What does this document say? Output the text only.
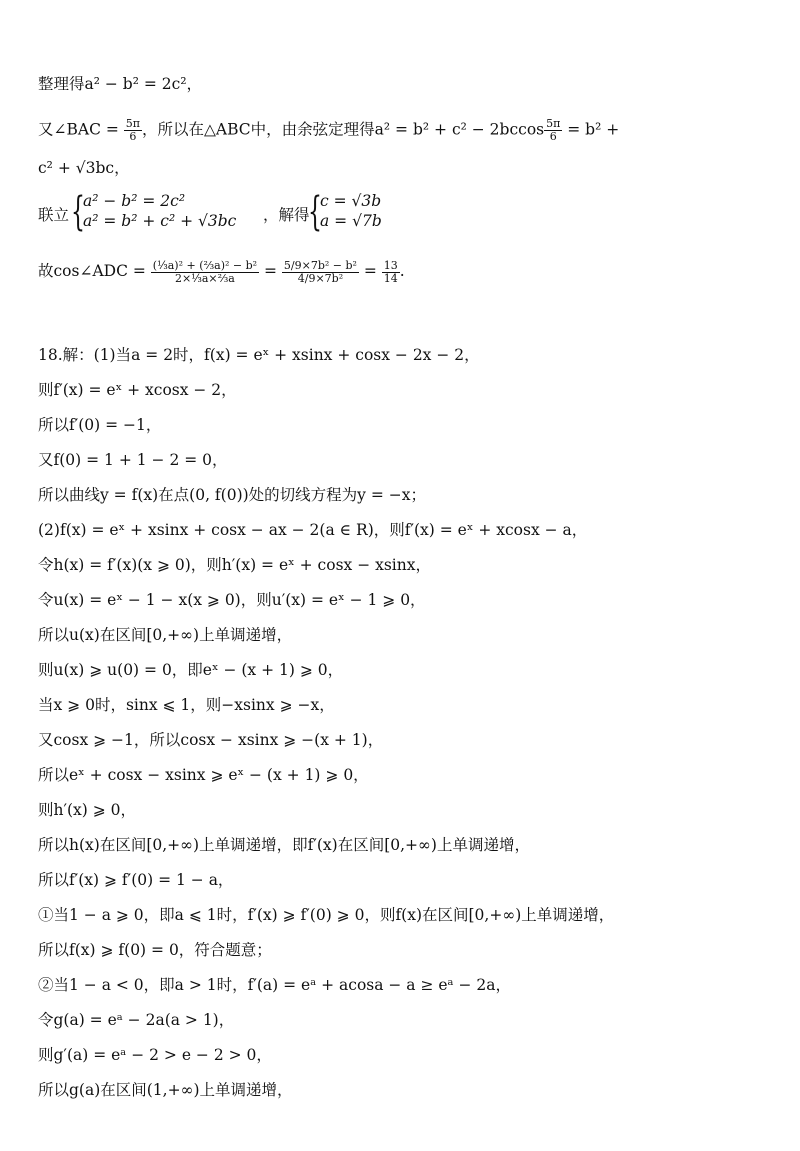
整理得a² − b² = 2c²，
又∠BAC = $\frac{5\pi}{6}$ ，所以在△ABC中，由余弦定理得$a^2 = b^2 + c^2 - 2bccos \frac{5\pi}{6} = b^2$ +
c² + √3bc，
联立 {
a² − b² = 2c²
a² = b² + c² + √3bc ，解得
{
c = √3b
a = √7b
故cos∠ADC = $\frac{\text{(⅓a)² + (⅔a)² − b²}}{\text{2×⅓a×⅔a}} = \frac{\text{5/9×7b² − b²}}{\text{4/9×7b²}} = \frac{13}{14}$ .
18.解：(1)当a = 2时，f(x) = eˣ + xsinx + cosx − 2x − 2，
则f′(x) = eˣ + xcosx − 2，
所以f′(0) = −1，
又f(0) = 1 + 1 − 2 = 0，
所以曲线y = f(x)在点(0, f(0))处的切线方程为y = −x；
(2)f(x) = eˣ + xsinx + cosx − ax − 2(a ∈ R)，则f′(x) = eˣ + xcosx − a，
令h(x) = f′(x)(x ⩾ 0)，则h′(x) = eˣ + cosx − xsinx，
令u(x) = eˣ − 1 − x(x ⩾ 0)，则u′(x) = eˣ − 1 ⩾ 0，
所以u(x)在区间[0,+∞)上单调递增，
则u(x) ⩾ u(0) = 0，即eˣ − (x + 1) ⩾ 0，
当x ⩾ 0时，sinx ⩽ 1，则−xsinx ⩾ −x，
又cosx ⩾ −1，所以cosx − xsinx ⩾ −(x + 1)，
所以eˣ + cosx − xsinx ⩾ eˣ − (x + 1) ⩾ 0，
则h′(x) ⩾ 0，
所以h(x)在区间[0,+∞)上单调递增，即f′(x)在区间[0,+∞)上单调递增，
所以f′(x) ⩾ f′(0) = 1 − a，
①当1 − a ⩾ 0，即a ⩽ 1时，f′(x) ⩾ f′(0) ⩾ 0，则f(x)在区间[0,+∞)上单调递增，
所以f(x) ⩾ f(0) = 0，符合题意；
②当1 − a < 0，即a > 1时，f′(a) = eᵃ + acosa − a ≥ eᵃ − 2a，
令g(a) = eᵃ − 2a(a > 1)，
则g′(a) = eᵃ − 2 > e − 2 > 0，
所以g(a)在区间(1,+∞)上单调递增，
